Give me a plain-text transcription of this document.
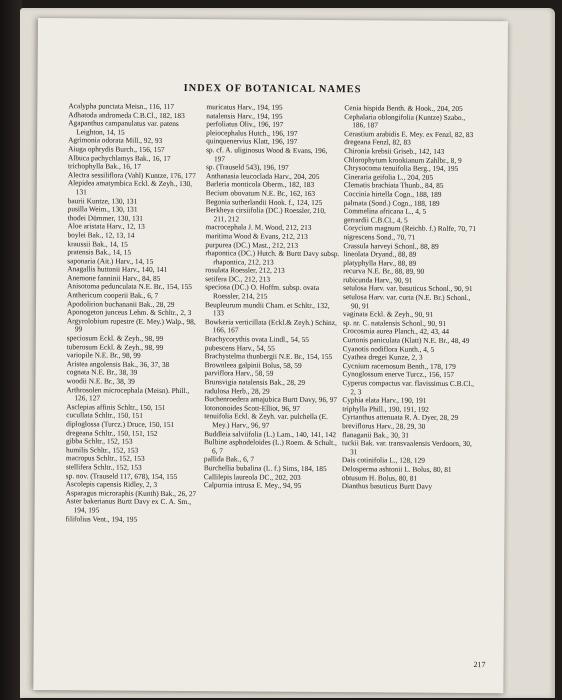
INDEX OF BOTANICAL NAMES
Acalypha punctata Meisn., 116, 117
Adhatoda andromeda C.B.Cl., 182, 183
Agapanthus campanulatus var. patens Leighton, 14, 15
Agrimonia odorata Mill., 92, 93
Aiuga ophrydis Burch., 156, 157
Albuca pachychlamys Bak., 16, 17
trichophylla Bak., 16, 17
Alectra sessiliflora (Vahl) Kuntze, 176, 177
Alepidea amatymbica Eckl. & Zeyh., 130, 131
baurii Kuntze, 130, 131
pusilla Weim., 130, 131
thodei Dümmer, 130, 131
Aloe aristata Harv., 12, 13
boylei Bak., 12, 13, 14
kraussii Bak., 14, 15
pratensis Bak., 14, 15
saponaria (Ait.) Harv., 14, 15
Anagallis huttonii Harv., 140, 141
Anemone fanninii Harv., 84, 85
Anisotoma pedunculata N.E. Br., 154, 155
Anthericum cooperii Bak., 6, 7
Apodolirion buchananii Bak., 28, 29
Aponogeton junceus Lehm. & Schltr., 2, 3
Argyrolobium rupestre (E. Mey.) Walp., 98, 99
speciosum Eckl. & Zeyh., 98, 99
tuberosum Eckl. & Zeyh., 98, 99
variopile N.E. Br., 98, 99
Aristea angolensis Bak., 36, 37, 38
cognata N.E. Br., 38, 39
woodii N.E. Br., 38, 39
Arthrosolen microcephala (Meisn). Phill., 126, 127
Asclepias affinis Schltr., 150, 151
cucullata Schltr., 150, 151
diploglossa (Turcz.) Druce, 150, 151
dregeana Schltr., 150, 151, 152
gibba Schltr., 152, 153
humilis Schltr., 152, 153
macropus Schltr., 152, 153
stellifera Schltr., 152, 153
sp. nov. (Trauseld 117, 678), 154, 155
Ascolepis capensis Ridley, 2, 3
Asparagus microraphis (Kunth) Bak., 26, 27
Aster bakerianus Burtt Davy ex C. A. Sm., 194, 195
filifolius Vent., 194, 195
muricatus Harv., 194, 195
natalensis Harv., 194, 195
perfoliatus Oliv., 196, 197
pleiocephalus Hutch., 196, 197
quinquenervius Klatt, 196, 197
sp. cf. A. uliginosus Wood & Evans, 196, 197
sp. (Trauseld 543), 196, 197
Anthanasia leucoclada Harv., 204, 205
Barleria monticola Oberm., 182, 183
Becium obovatum N.E. Br., 162, 163
Begonia sutherlandii Hook. f., 124, 125
Berkheya cirsiifolia (DC.) Roessler, 210, 211, 212
macrocephala J. M. Wood, 212, 213
maritima Wood & Evans, 212, 213
purpurea (DC.) Mast., 212, 213
rhapontica (DC.) Hutch. & Burtt Davy subsp. rhapontica, 212, 213
rosulata Roessler, 212, 213
setifera DC., 212, 213
speciosa (DC.) O. Hoffm. subsp. ovata Roessler, 214, 215
Beupleurum mundii Cham. et Schltr., 132, 133
Bowkeria verticillata (Eckl.& Zeyh.) Schinz, 166, 167
Brachycorythis ovata Lindl., 54, 55
pubescens Harv., 54, 55
Brachystelma thunbergii N.E. Br., 154, 155
Brownleea galpinii Bolus, 58, 59
parviflora Harv., 58, 59
Brunsvigia natalensis Bak., 28, 29
radulosa Herb., 28, 29
Buchenroedera amajubica Burtt Davy, 96, 97
lotononoides Scott-Elliot, 96, 97
tenuifolia Eckl. & Zeyh. var. pulchella (E. Mey.) Harv., 96, 97
Buddleia salviifolia (L.) Lam., 140, 141, 142
Bulbine asphodeloides (L.) Roem. & Schult., 6, 7
pallida Bak., 6, 7
Burchellia bubalina (L. f.) Sims, 184, 185
Callilepis laureola DC., 202, 203
Calpurnia intrusa E. Mey., 94, 95
Cenia hispida Benth. & Hook., 204, 205
Cephalaria oblongifolia (Kuntze) Szabo., 186, 187
Cerastium arabidis E. Mey. ex Fenzl, 82, 83
dregeana Fenzl, 82, 83
Chironia krebsii Griseb., 142, 143
Chlorophytum krookianum Zahlbr., 8, 9
Chrysocoma tenuifolia Berg., 194, 195
Cineraria geifolia L., 204, 205
Clematis brachiata Thunb., 84, 85
Coccinia hirtella Cogn., 188, 189
palmata (Sond.) Cogn., 188, 189
Commelina africana L., 4, 5
gerrardii C.B.Cl., 4, 5
Corycium magnum (Reichb. f.) Rolfe, 70, 71
nigrescens Sond., 70, 71
Crassula harveyi Schonl., 88, 89
lineolata Dryand., 88, 89
platyphylla Harv., 88, 89
recurva N.E. Br., 88, 89, 90
rubicunda Harv., 90, 91
setulosa Harv. var. basuticus Schonl., 90, 91
setulosa Harv. var. curta (N.E. Br.) Schonl., 90, 91
vaginata Eckl. & Zeyh., 90, 91
sp. nr. C. natalensis Schonl., 90, 91
Crocosmia aurea Planch., 42, 43, 44
Curtonis paniculata (Klatt) N.E. Br., 48, 49
Cyanotis nodiflora Kunth., 4, 5
Cyathea dregei Kunze, 2, 3
Cycnium racemosum Benth., 178, 179
Cynoglossum enerve Turcz., 156, 157
Cyperus compactus var. flavissimus C.B.Cl., 2, 3
Cyphia elata Harv., 190, 191
triphylla Phill., 190, 191, 192
Cyrtanthus attenuata R. A. Dyer, 28, 29
breviflorus Harv., 28, 29, 30
flanaganii Bak., 30, 31
tuckii Bak. var. transvaalensis Verdoorn, 30, 31
Dais cotinifolia L., 128, 129
Delosperma ashtonii L. Bolus, 80, 81
obtusum H. Bolus, 80, 81
Dianthus basuticus Burtt Davy
217
